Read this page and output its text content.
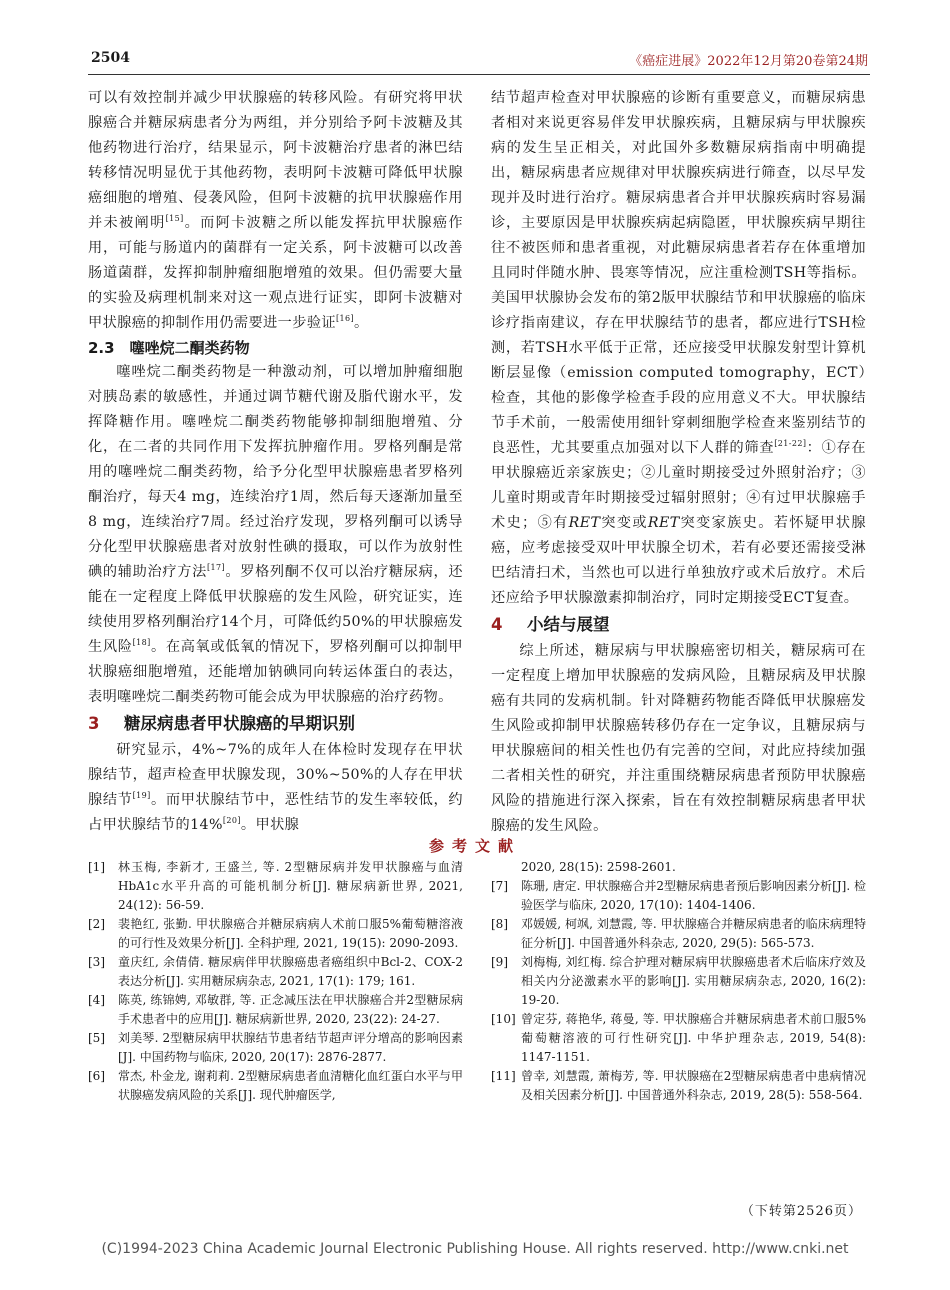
2504	《癌症进展》2022年12月第20卷第24期

可以有效控制并减少甲状腺癌的转移风险。有研究将甲状腺癌合并糖尿病患者分为两组，并分别给予阿卡波糖及其他药物进行治疗，结果显示，阿卡波糖治疗患者的淋巴结转移情况明显优于其他药物，表明阿卡波糖可降低甲状腺癌细胞的增殖、侵袭风险，但阿卡波糖的抗甲状腺癌作用并未被阐明[15]。而阿卡波糖之所以能发挥抗甲状腺癌作用，可能与肠道内的菌群有一定关系，阿卡波糖可以改善肠道菌群，发挥抑制肿瘤细胞增殖的效果。但仍需要大量的实验及病理机制来对这一观点进行证实，即阿卡波糖对甲状腺癌的抑制作用仍需要进一步验证[16]。

2.3　噻唑烷二酮类药物

噻唑烷二酮类药物是一种激动剂，可以增加肿瘤细胞对胰岛素的敏感性，并通过调节糖代谢及脂代谢水平，发挥降糖作用。噻唑烷二酮类药物能够抑制细胞增殖、分化，在二者的共同作用下发挥抗肿瘤作用。罗格列酮是常用的噻唑烷二酮类药物，给予分化型甲状腺癌患者罗格列酮治疗，每天4 mg，连续治疗1周，然后每天逐渐加量至8 mg，连续治疗7周。经过治疗发现，罗格列酮可以诱导分化型甲状腺癌患者对放射性碘的摄取，可以作为放射性碘的辅助治疗方法[17]。罗格列酮不仅可以治疗糖尿病，还能在一定程度上降低甲状腺癌的发生风险，研究证实，连续使用罗格列酮治疗14个月，可降低约50%的甲状腺癌发生风险[18]。在高氧或低氧的情况下，罗格列酮可以抑制甲状腺癌细胞增殖，还能增加钠碘同向转运体蛋白的表达，表明噻唑烷二酮类药物可能会成为甲状腺癌的治疗药物。

3 糖尿病患者甲状腺癌的早期识别

研究显示，4%~7%的成年人在体检时发现存在甲状腺结节，超声检查甲状腺发现，30%~50%的人存在甲状腺结节[19]。而甲状腺结节中，恶性结节的发生率较低，约占甲状腺结节的14%[20]。甲状腺

结节超声检查对甲状腺癌的诊断有重要意义，而糖尿病患者相对来说更容易伴发甲状腺疾病，且糖尿病与甲状腺疾病的发生呈正相关，对此国外多数糖尿病指南中明确提出，糖尿病患者应规律对甲状腺疾病进行筛查，以尽早发现并及时进行治疗。糖尿病患者合并甲状腺疾病时容易漏诊，主要原因是甲状腺疾病起病隐匿，甲状腺疾病早期往往不被医师和患者重视，对此糖尿病患者若存在体重增加且同时伴随水肿、畏寒等情况，应注重检测TSH等指标。美国甲状腺协会发布的第2版甲状腺结节和甲状腺癌的临床诊疗指南建议，存在甲状腺结节的患者，都应进行TSH检测，若TSH水平低于正常，还应接受甲状腺发射型计算机断层显像（emission computed tomography，ECT）检查，其他的影像学检查手段的应用意义不大。甲状腺结节手术前，一般需使用细针穿刺细胞学检查来鉴别结节的良恶性，尤其要重点加强对以下人群的筛查[21-22]：①存在甲状腺癌近亲家族史；②儿童时期接受过外照射治疗；③儿童时期或青年时期接受过辐射照射；④有过甲状腺癌手术史；⑤有RET突变或RET突变家族史。若怀疑甲状腺癌，应考虑接受双叶甲状腺全切术，若有必要还需接受淋巴结清扫术，当然也可以进行单独放疗或术后放疗。术后还应给予甲状腺激素抑制治疗，同时定期接受ECT复查。

4 小结与展望

综上所述，糖尿病与甲状腺癌密切相关，糖尿病可在一定程度上增加甲状腺癌的发病风险，且糖尿病及甲状腺癌有共同的发病机制。针对降糖药物能否降低甲状腺癌发生风险或抑制甲状腺癌转移仍存在一定争议，且糖尿病与甲状腺癌间的相关性也仍有完善的空间，对此应持续加强二者相关性的研究，并注重围绕糖尿病患者预防甲状腺癌风险的措施进行深入探索，旨在有效控制糖尿病患者甲状腺癌的发生风险。

参考文献
[1]	林玉梅, 李新才, 王盛兰, 等. 2型糖尿病并发甲状腺癌与血清HbA1c水平升高的可能机制分析[J]. 糖尿病新世界, 2021, 24(12): 56-59.
[2]	裴艳红, 张勤. 甲状腺癌合并糖尿病病人术前口服5%葡萄糖溶液的可行性及效果分析[J]. 全科护理, 2021, 19(15): 2090-2093.
[3]	童庆红, 余倩倩. 糖尿病伴甲状腺癌患者癌组织中Bcl-2、COX-2表达分析[J]. 实用糖尿病杂志, 2021, 17(1): 179; 161.
[4]	陈英, 练锦娉, 邓敏群, 等. 正念减压法在甲状腺癌合并2型糖尿病手术患者中的应用[J]. 糖尿病新世界, 2020, 23(22): 24-27.
[5]	刘美琴. 2型糖尿病甲状腺结节患者结节超声评分增高的影响因素[J]. 中国药物与临床, 2020, 20(17): 2876-2877.
[6]	常杰, 朴金龙, 谢莉莉. 2型糖尿病患者血清糖化血红蛋白水平与甲状腺癌发病风险的关系[J]. 现代肿瘤医学,
2020, 28(15): 2598-2601.
[7]	陈珊, 唐定. 甲状腺癌合并2型糖尿病患者预后影响因素分析[J]. 检验医学与临床, 2020, 17(10): 1404-1406.
[8]	邓媛媛, 柯飒, 刘慧霞, 等. 甲状腺癌合并糖尿病患者的临床病理特征分析[J]. 中国普通外科杂志, 2020, 29(5): 565-573.
[9]	刘梅梅, 刘红梅. 综合护理对糖尿病甲状腺癌患者术后临床疗效及相关内分泌激素水平的影响[J]. 实用糖尿病杂志, 2020, 16(2): 19-20.
[10] 曾定芬, 蒋艳华, 蒋曼, 等. 甲状腺癌合并糖尿病患者术前口服5%葡萄糖溶液的可行性研究[J]. 中华护理杂志, 2019, 54(8): 1147-1151.
[11] 曾幸, 刘慧霞, 萧梅芳, 等. 甲状腺癌在2型糖尿病患者中患病情况及相关因素分析[J]. 中国普通外科杂志, 2019, 28(5): 558-564.
（下转第2526页）
(C)1994-2023 China Academic Journal Electronic Publishing House. All rights reserved. http://www.cnki.net
